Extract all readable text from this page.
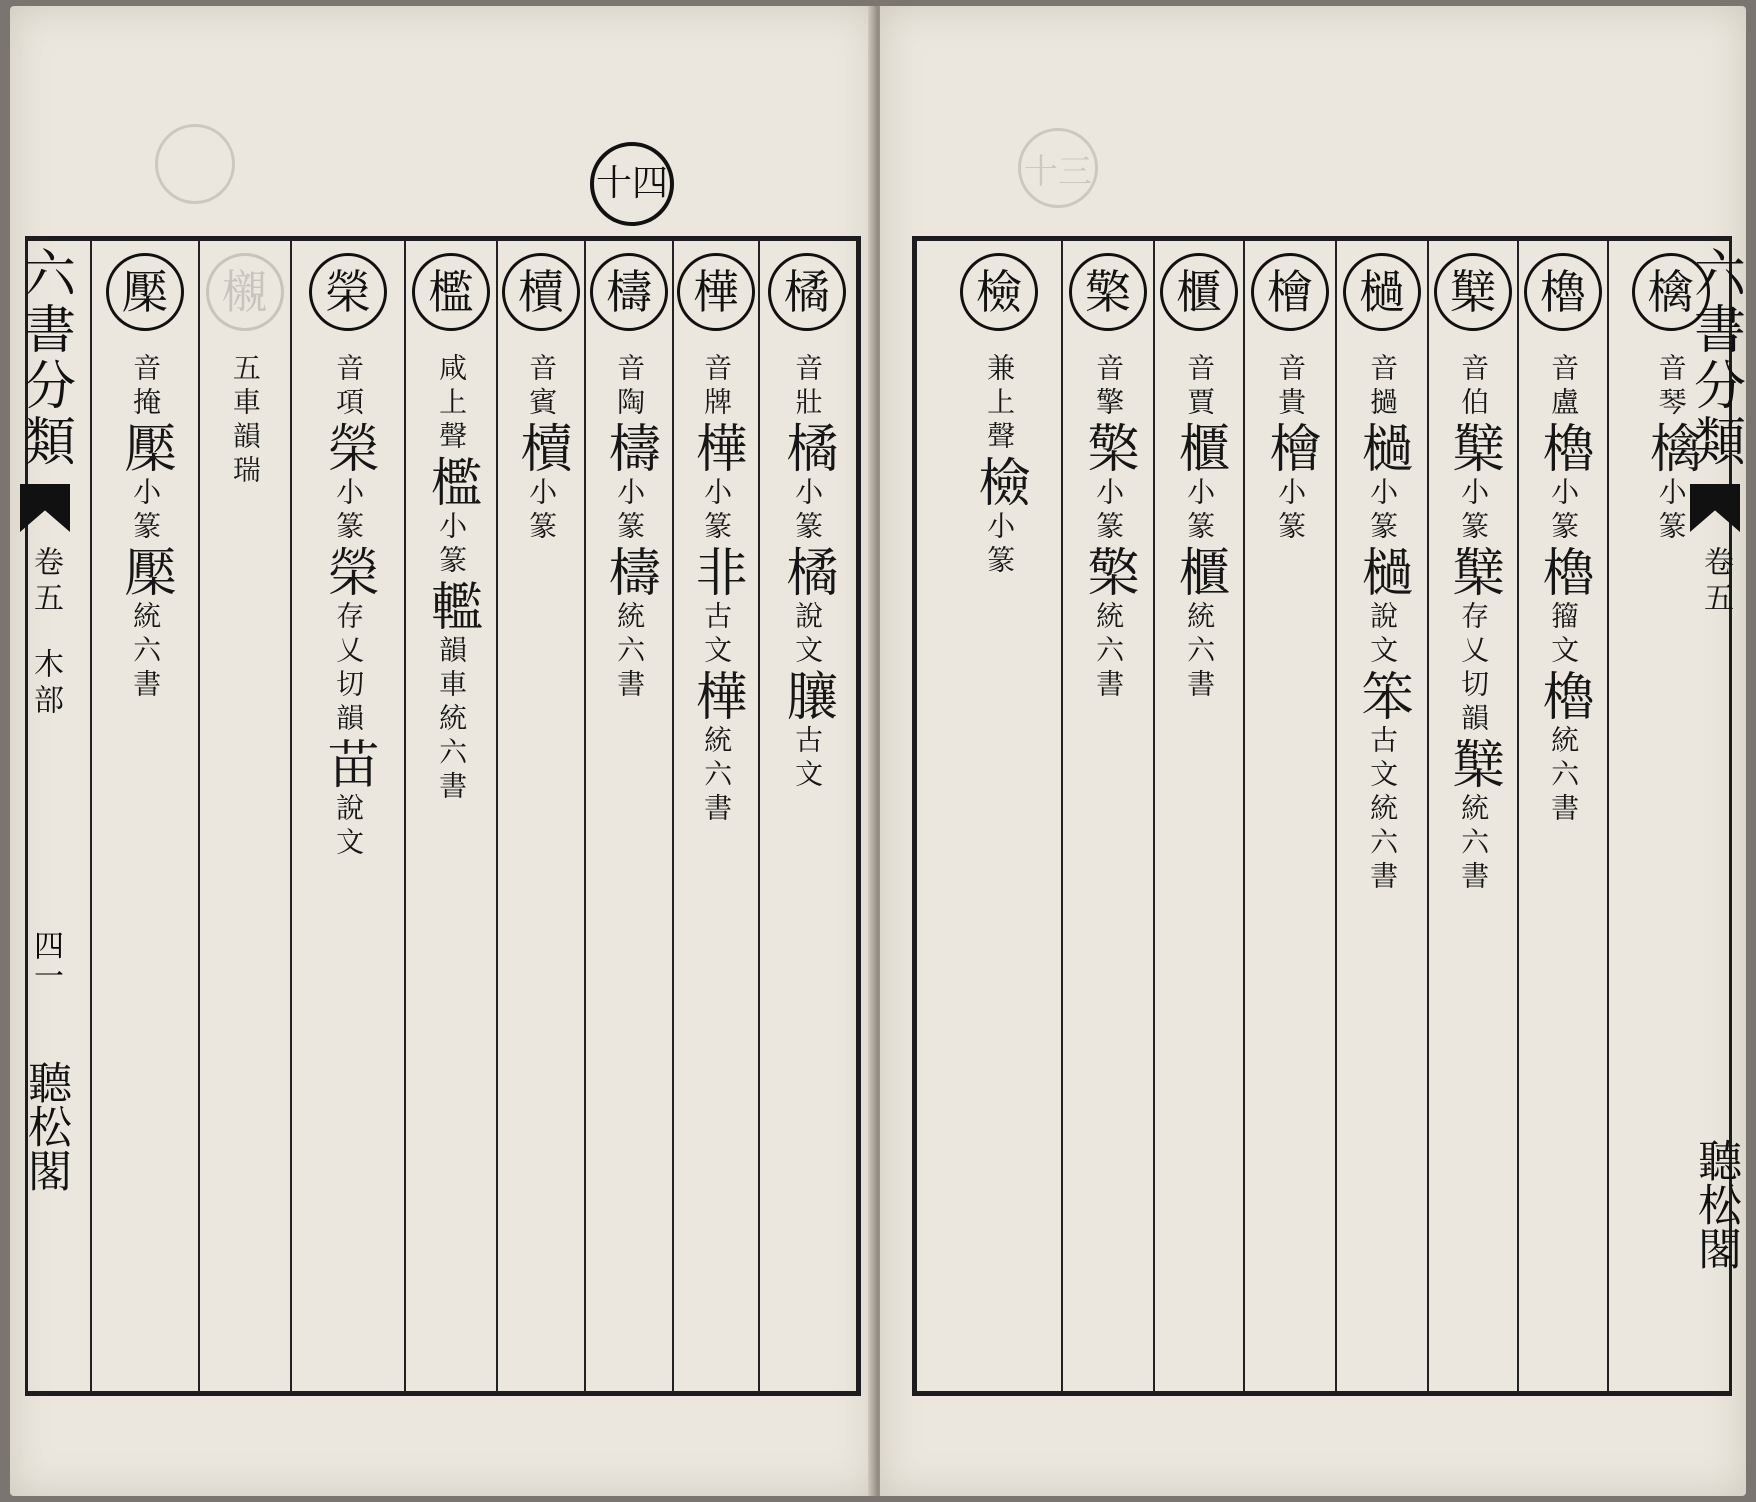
十四
橘
音壯橘小篆橘說文䑋古文
樺
音牌樺小篆非古文樺統六書
檮
音陶檮小篆檮統六書
櫝
音賓櫝小篆
檻
咸上聲檻小篆轞韻車統六書
榮
音項榮小篆榮存乂切韻苗說文
櫬
五車韻瑞
檿
音掩檿小篆檿統六書
六書分類
卷五
木部
四一
聽松閣
十三
檎
音琴檎小篆
櫓
音盧櫓小篆櫓籀文櫓統六書
櫱
音伯櫱小篆櫱存乂切韻櫱統六書
檛
音撾檛小篆檛說文笨古文統六書
檜
音貴檜小篆
櫃
音賈櫃小篆櫃統六書
檠
音擎檠小篆檠統六書
檢
兼上聲檢小篆
六書分類
卷五
聽松閣
